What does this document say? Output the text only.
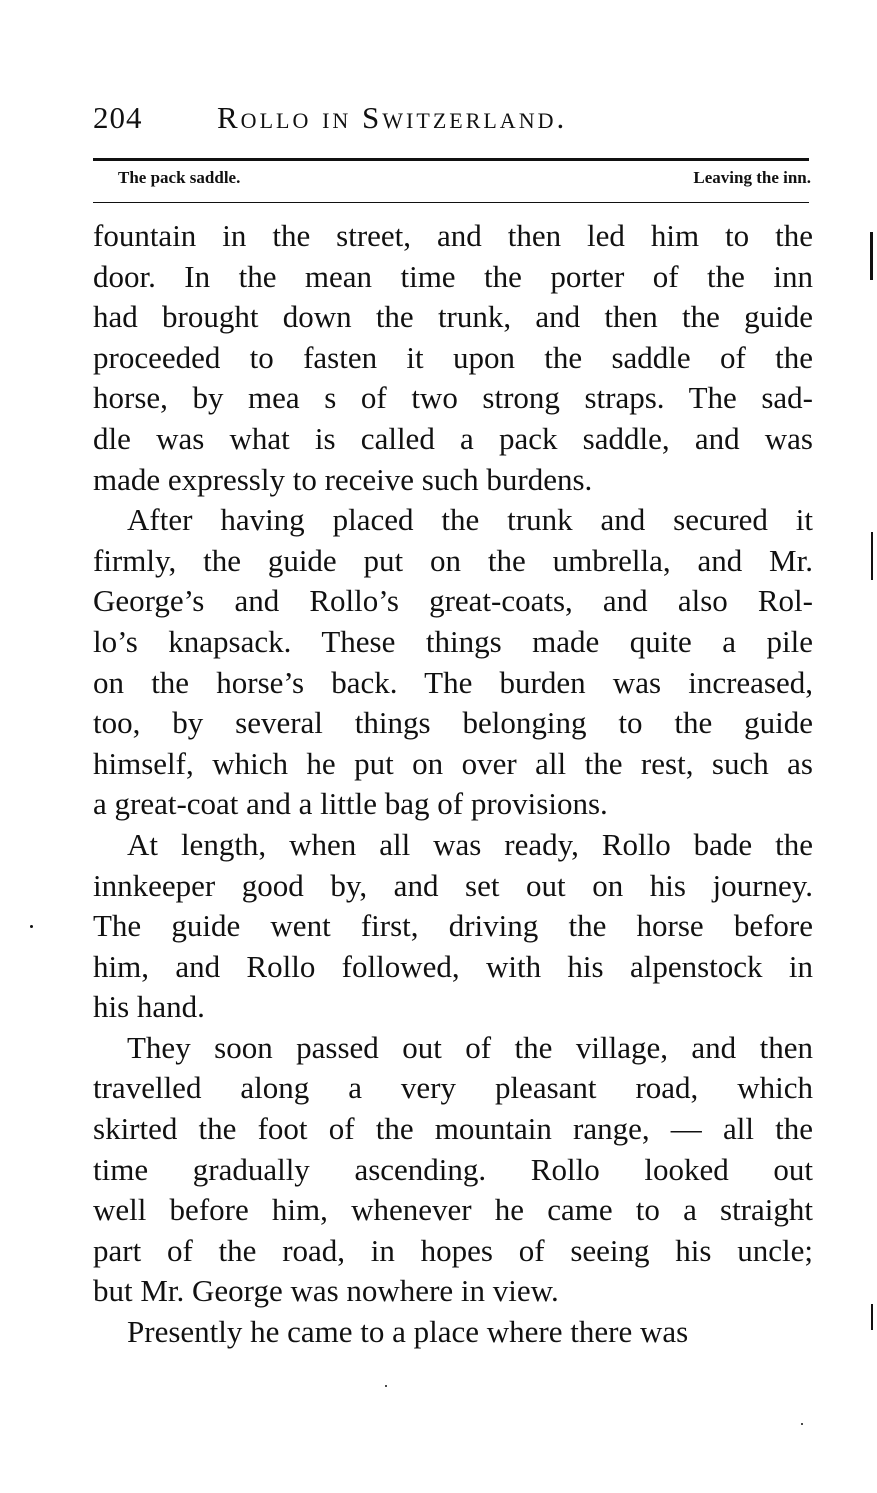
204 Rollo in Switzerland.
The pack saddle.	Leaving the inn.
fountain in the street, and then led him to the
door. In the mean time the porter of the inn
had brought down the trunk, and then the guide
proceeded to fasten it upon the saddle of the
horse, by mea s of two strong straps. The sad-
dle was what is called a pack saddle, and was
made expressly to receive such burdens.
After having placed the trunk and secured it
firmly, the guide put on the umbrella, and Mr.
George’s and Rollo’s great-coats, and also Rol-
lo’s knapsack. These things made quite a pile
on the horse’s back. The burden was increased,
too, by several things belonging to the guide
himself, which he put on over all the rest, such as
a great-coat and a little bag of provisions.
At length, when all was ready, Rollo bade the
innkeeper good by, and set out on his journey.
The guide went first, driving the horse before
him, and Rollo followed, with his alpenstock in
his hand.
They soon passed out of the village, and then
travelled along a very pleasant road, which
skirted the foot of the mountain range, — all the
time gradually ascending. Rollo looked out
well before him, whenever he came to a straight
part of the road, in hopes of seeing his uncle;
but Mr. George was nowhere in view.
Presently he came to a place where there was
